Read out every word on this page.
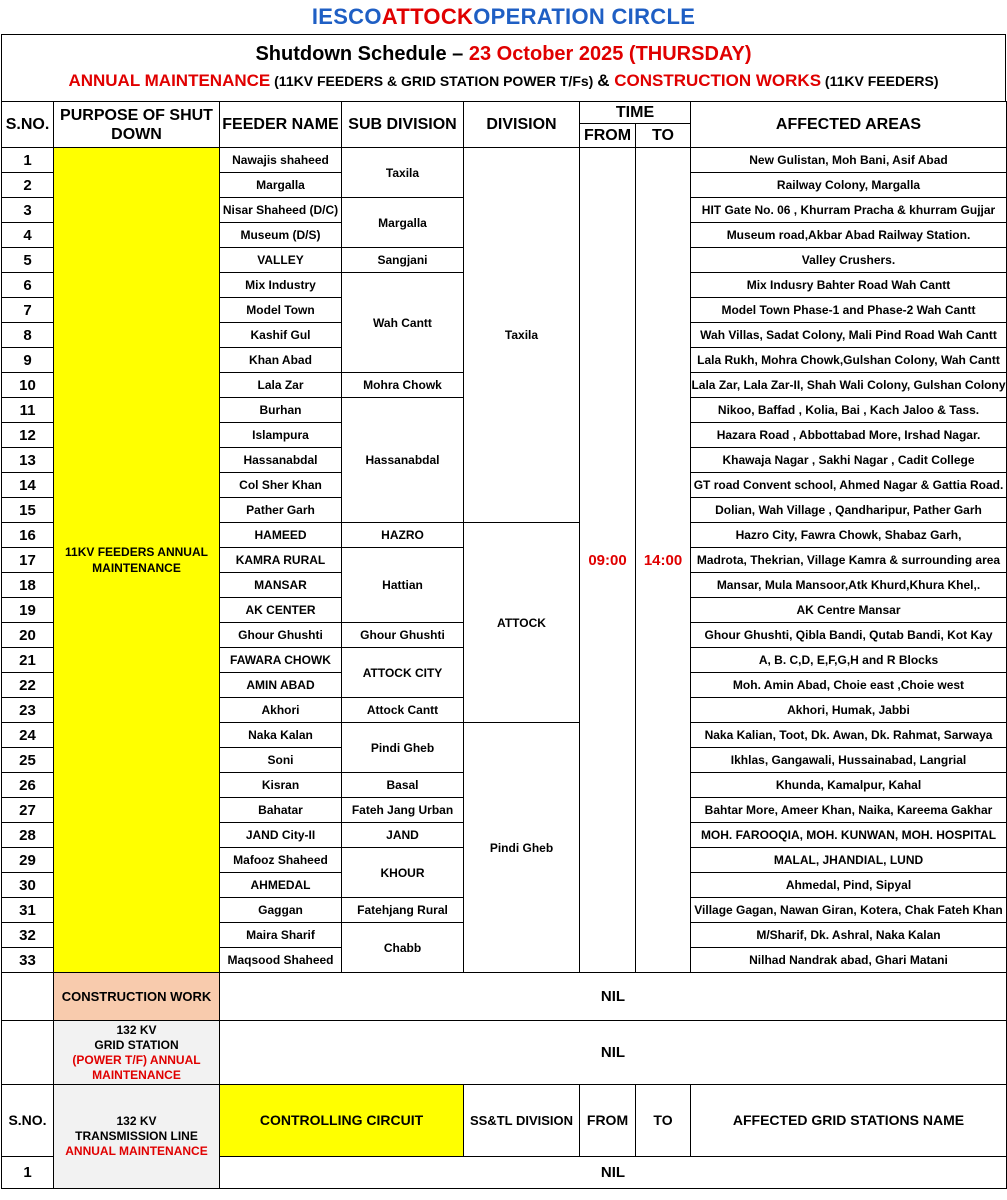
IESCO ATTOCK OPERATION CIRCLE
Shutdown Schedule – 23 October 2025 (THURSDAY)
ANNUAL MAINTENANCE (11KV FEEDERS & GRID STATION POWER T/Fs) & CONSTRUCTION WORKS (11KV FEEDERS)
S.NO.	PURPOSE OF SHUT DOWN	FEEDER NAME	SUB DIVISION	DIVISION	TIME		AFFECTED AREAS
					FROM	TO	
1	11KV FEEDERS ANNUAL MAINTENANCE	Nawajis shaheed	Taxila	Taxila	09:00	14:00	New Gulistan, Moh Bani, Asif Abad
2		Margalla					Railway Colony, Margalla
3		Nisar Shaheed (D/C)	Margalla				HIT Gate No. 06 , Khurram Pracha & khurram Gujjar
4		Museum (D/S)					Museum road,Akbar Abad Railway Station.
5		VALLEY	Sangjani				Valley Crushers.
6		Mix Industry	Wah Cantt				Mix Indusry Bahter Road Wah Cantt
7		Model Town					Model Town Phase-1 and Phase-2 Wah Cantt
8		Kashif Gul					Wah Villas, Sadat Colony, Mali Pind Road Wah Cantt
9		Khan Abad					Lala Rukh, Mohra Chowk,Gulshan Colony, Wah Cantt
10		Lala Zar	Mohra Chowk				Lala Zar, Lala Zar-II, Shah Wali Colony, Gulshan Colony
11		Burhan	Hassanabdal				Nikoo, Baffad , Kolia, Bai , Kach Jaloo & Tass.
12		Islampura					Hazara Road , Abbottabad More, Irshad Nagar.
13		Hassanabdal					Khawaja Nagar , Sakhi Nagar , Cadit College
14		Col Sher Khan					GT road Convent school, Ahmed Nagar & Gattia Road.
15		Pather Garh					Dolian, Wah Village , Qandharipur, Pather Garh
16		HAMEED	HAZRO	ATTOCK			Hazro City, Fawra Chowk, Shabaz Garh,
17		KAMRA RURAL	Hattian				Madrota, Thekrian, Village Kamra & surrounding area
18		MANSAR					Mansar, Mula Mansoor,Atk Khurd,Khura Khel,.
19		AK CENTER					AK Centre Mansar
20		Ghour Ghushti	Ghour Ghushti				Ghour Ghushti, Qibla Bandi, Qutab Bandi, Kot Kay
21		FAWARA CHOWK	ATTOCK CITY				A, B. C,D, E,F,G,H and R Blocks
22		AMIN ABAD					Moh. Amin Abad, Choie east ,Choie west
23		Akhori	Attock Cantt				Akhori, Humak, Jabbi
24		Naka Kalan	Pindi Gheb	Pindi Gheb			Naka Kalian, Toot, Dk. Awan, Dk. Rahmat, Sarwaya
25		Soni					Ikhlas, Gangawali, Hussainabad, Langrial
26		Kisran	Basal				Khunda, Kamalpur, Kahal
27		Bahatar	Fateh Jang Urban				Bahtar More, Ameer Khan, Naika, Kareema Gakhar
28		JAND City-II	JAND				MOH. FAROOQIA, MOH. KUNWAN, MOH. HOSPITAL
29		Mafooz Shaheed	KHOUR				MALAL, JHANDIAL, LUND
30		AHMEDAL					Ahmedal, Pind, Sipyal
31		Gaggan	Fatehjang Rural				Village Gagan, Nawan Giran, Kotera, Chak Fateh Khan
32		Maira Sharif	Chabb				M/Sharif, Dk. Ashral, Naka Kalan
33		Maqsood Shaheed					Nilhad Nandrak abad, Ghari Matani
	CONSTRUCTION WORK	NIL					

	132 KV
GRID STATION
(POWER T/F) ANNUAL MAINTENANCE	NIL					
S.NO.	132 KV
TRANSMISSION LINE
ANNUAL MAINTENANCE	CONTROLLING CIRCUIT		SS&TL DIVISION	FROM	TO	AFFECTED GRID STATIONS NAME
1		NIL					
